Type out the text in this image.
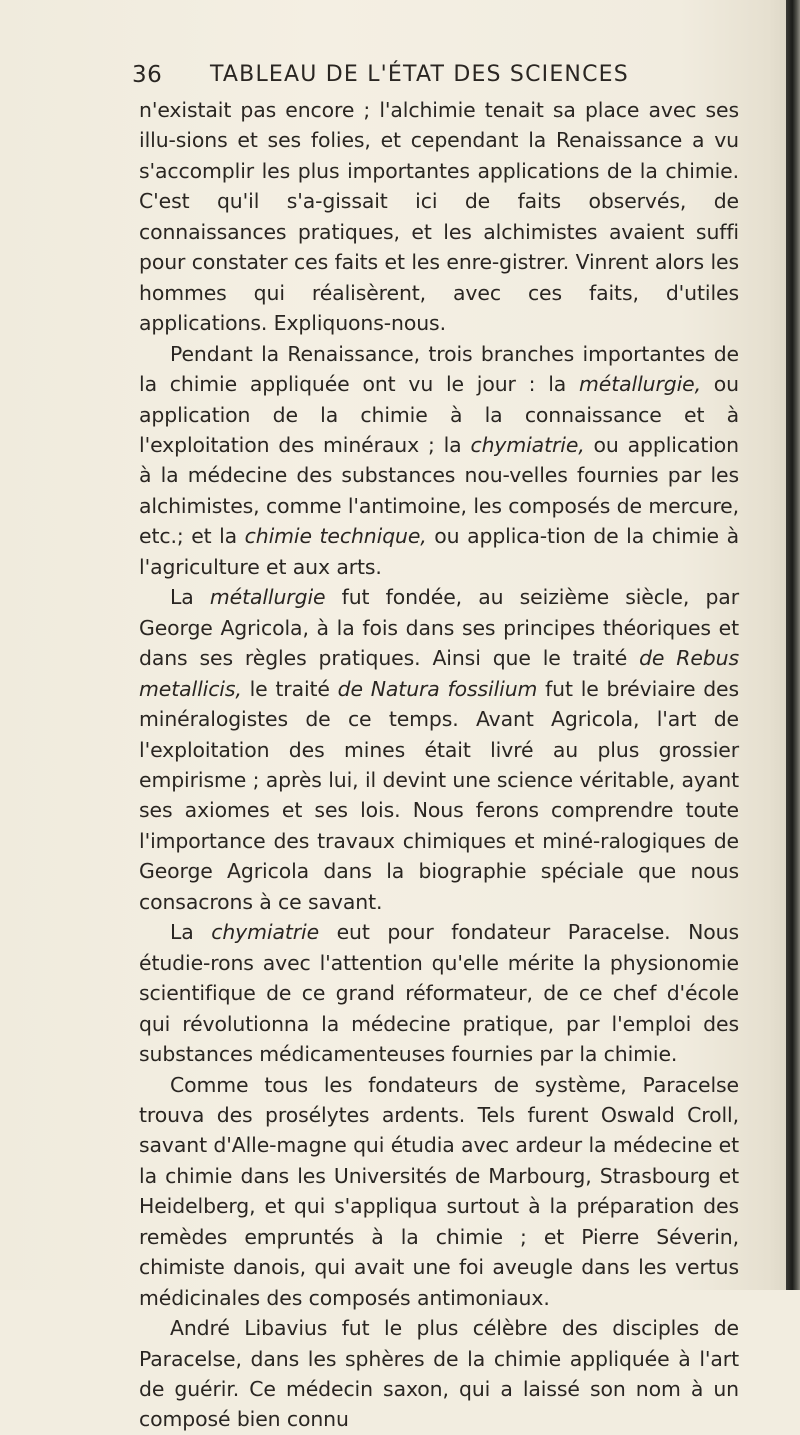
36 TABLEAU DE L'ÉTAT DES SCIENCES

n'existait pas encore ; l'alchimie tenait sa place avec ses illu-sions et ses folies, et cependant la Renaissance a vu s'accomplir les plus importantes applications de la chimie. C'est qu'il s'a-gissait ici de faits observés, de connaissances pratiques, et les alchimistes avaient suffi pour constater ces faits et les enre-gistrer. Vinrent alors les hommes qui réalisèrent, avec ces faits, d'utiles applications. Expliquons-nous.

Pendant la Renaissance, trois branches importantes de la chimie appliquée ont vu le jour : la métallurgie, ou application de la chimie à la connaissance et à l'exploitation des minéraux ; la chymiatrie, ou application à la médecine des substances nou-velles fournies par les alchimistes, comme l'antimoine, les composés de mercure, etc.; et la chimie technique, ou applica-tion de la chimie à l'agriculture et aux arts.

La métallurgie fut fondée, au seizième siècle, par George Agricola, à la fois dans ses principes théoriques et dans ses règles pratiques. Ainsi que le traité de Rebus metallicis, le traité de Natura fossilium fut le bréviaire des minéralogistes de ce temps. Avant Agricola, l'art de l'exploitation des mines était livré au plus grossier empirisme ; après lui, il devint une science véritable, ayant ses axiomes et ses lois. Nous ferons comprendre toute l'importance des travaux chimiques et miné-ralogiques de George Agricola dans la biographie spéciale que nous consacrons à ce savant.

La chymiatrie eut pour fondateur Paracelse. Nous étudie-rons avec l'attention qu'elle mérite la physionomie scientifique de ce grand réformateur, de ce chef d'école qui révolutionna la médecine pratique, par l'emploi des substances médicamenteuses fournies par la chimie.

Comme tous les fondateurs de système, Paracelse trouva des prosélytes ardents. Tels furent Oswald Croll, savant d'Alle-magne qui étudia avec ardeur la médecine et la chimie dans les Universités de Marbourg, Strasbourg et Heidelberg, et qui s'appliqua surtout à la préparation des remèdes empruntés à la chimie ; et Pierre Séverin, chimiste danois, qui avait une foi aveugle dans les vertus médicinales des composés antimoniaux.

André Libavius fut le plus célèbre des disciples de Paracelse, dans les sphères de la chimie appliquée à l'art de guérir. Ce médecin saxon, qui a laissé son nom à un composé bien connu
